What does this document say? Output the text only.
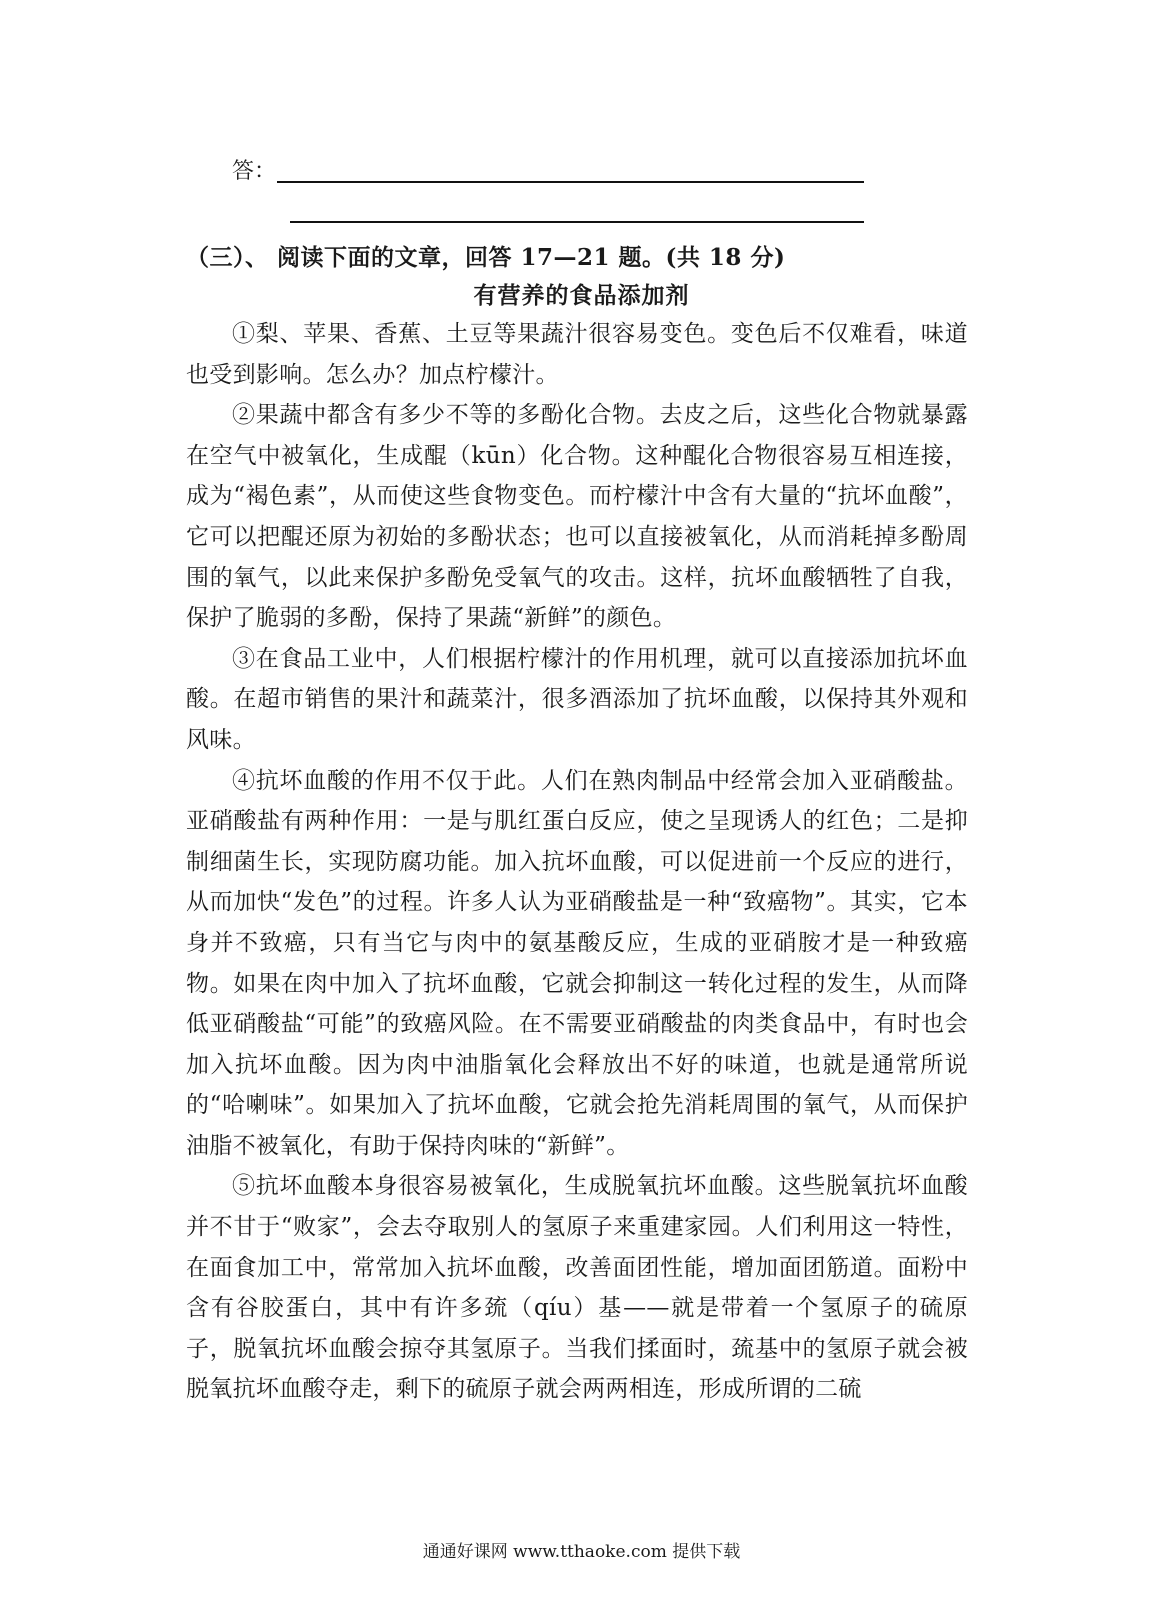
答：
（三）、 阅读下面的文章，回答 17—21 题。(共 18 分)
有营养的食品添加剂

①梨、苹果、香蕉、土豆等果蔬汁很容易变色。变色后不仅难看，味道也受到影响。怎么办？加点柠檬汁。

②果蔬中都含有多少不等的多酚化合物。去皮之后，这些化合物就暴露在空气中被氧化，生成醌（kūn）化合物。这种醌化合物很容易互相连接，成为“褐色素”，从而使这些食物变色。而柠檬汁中含有大量的“抗坏血酸”，它可以把醌还原为初始的多酚状态；也可以直接被氧化，从而消耗掉多酚周围的氧气，以此来保护多酚免受氧气的攻击。这样，抗坏血酸牺牲了自我，保护了脆弱的多酚，保持了果蔬“新鲜”的颜色。

③在食品工业中，人们根据柠檬汁的作用机理，就可以直接添加抗坏血酸。在超市销售的果汁和蔬菜汁，很多酒添加了抗坏血酸，以保持其外观和风味。

④抗坏血酸的作用不仅于此。人们在熟肉制品中经常会加入亚硝酸盐。亚硝酸盐有两种作用：一是与肌红蛋白反应，使之呈现诱人的红色；二是抑制细菌生长，实现防腐功能。加入抗坏血酸，可以促进前一个反应的进行，从而加快“发色”的过程。许多人认为亚硝酸盐是一种“致癌物”。其实，它本身并不致癌，只有当它与肉中的氨基酸反应，生成的亚硝胺才是一种致癌物。如果在肉中加入了抗坏血酸，它就会抑制这一转化过程的发生，从而降低亚硝酸盐“可能”的致癌风险。在不需要亚硝酸盐的肉类食品中，有时也会加入抗坏血酸。因为肉中油脂氧化会释放出不好的味道，也就是通常所说的“哈喇味”。如果加入了抗坏血酸，它就会抢先消耗周围的氧气，从而保护油脂不被氧化，有助于保持肉味的“新鲜”。

⑤抗坏血酸本身很容易被氧化，生成脱氧抗坏血酸。这些脱氧抗坏血酸并不甘于“败家”，会去夺取别人的氢原子来重建家园。人们利用这一特性，在面食加工中，常常加入抗坏血酸，改善面团性能，增加面团筋道。面粉中含有谷胶蛋白，其中有许多巯（qíu）基——就是带着一个氢原子的硫原子，脱氧抗坏血酸会掠夺其氢原子。当我们揉面时，巯基中的氢原子就会被脱氧抗坏血酸夺走，剩下的硫原子就会两两相连，形成所谓的二硫

通通好课网 www.tthaoke.com 提供下载
